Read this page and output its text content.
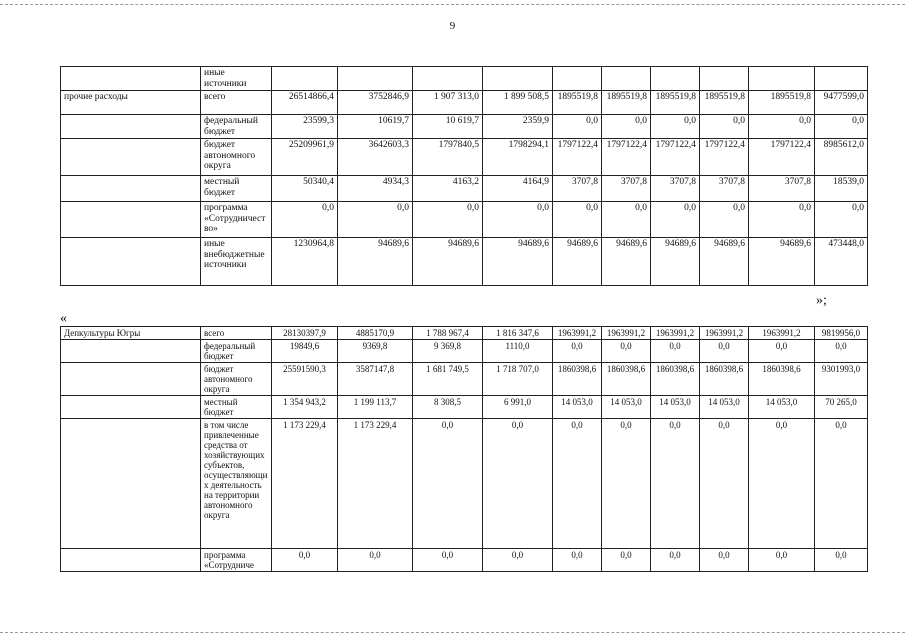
9
	иные источники										
прочие расходы	всего	26514866,4	3752846,9	1 907 313,0	1 899 508,5	1895519,8	1895519,8	1895519,8	1895519,8	1895519,8	9477599,0
	федеральный бюджет	23599,3	10619,7	10 619,7	2359,9	0,0	0,0	0,0	0,0	0,0	0,0
	бюджет автономного округа	25209961,9	3642603,3	1797840,5	1798294,1	1797122,4	1797122,4	1797122,4	1797122,4	1797122,4	8985612,0
	местный бюджет	50340,4	4934,3	4163,2	4164,9	3707,8	3707,8	3707,8	3707,8	3707,8	18539,0
	программа «Сотрудничество»	0,0	0,0	0,0	0,0	0,0	0,0	0,0	0,0	0,0	0,0
	иные внебюджетные источники	1230964,8	94689,6	94689,6	94689,6	94689,6	94689,6	94689,6	94689,6	94689,6	473448,0
»;
«
Депкультуры Югры	всего	28130397,9	4885170,9	1 788 967,4	1 816 347,6	1963991,2	1963991,2	1963991,2	1963991,2	1963991,2	9819956,0
	федеральный бюджет	19849,6	9369,8	9 369,8	1110,0	0,0	0,0	0,0	0,0	0,0	0,0
	бюджет автономного округа	25591590,3	3587147,8	1 681 749,5	1 718 707,0	1860398,6	1860398,6	1860398,6	1860398,6	1860398,6	9301993,0
	местный бюджет	1 354 943,2	1 199 113,7	8 308,5	6 991,0	14 053,0	14 053,0	14 053,0	14 053,0	14 053,0	70 265,0
	в том числе привлеченные средства от хозяйствующих субъектов, осуществляющих деятельность на территории автономного округа	1 173 229,4	1 173 229,4	0,0	0,0	0,0	0,0	0,0	0,0	0,0	0,0
	программа «Сотрудниче	0,0	0,0	0,0	0,0	0,0	0,0	0,0	0,0	0,0	0,0
